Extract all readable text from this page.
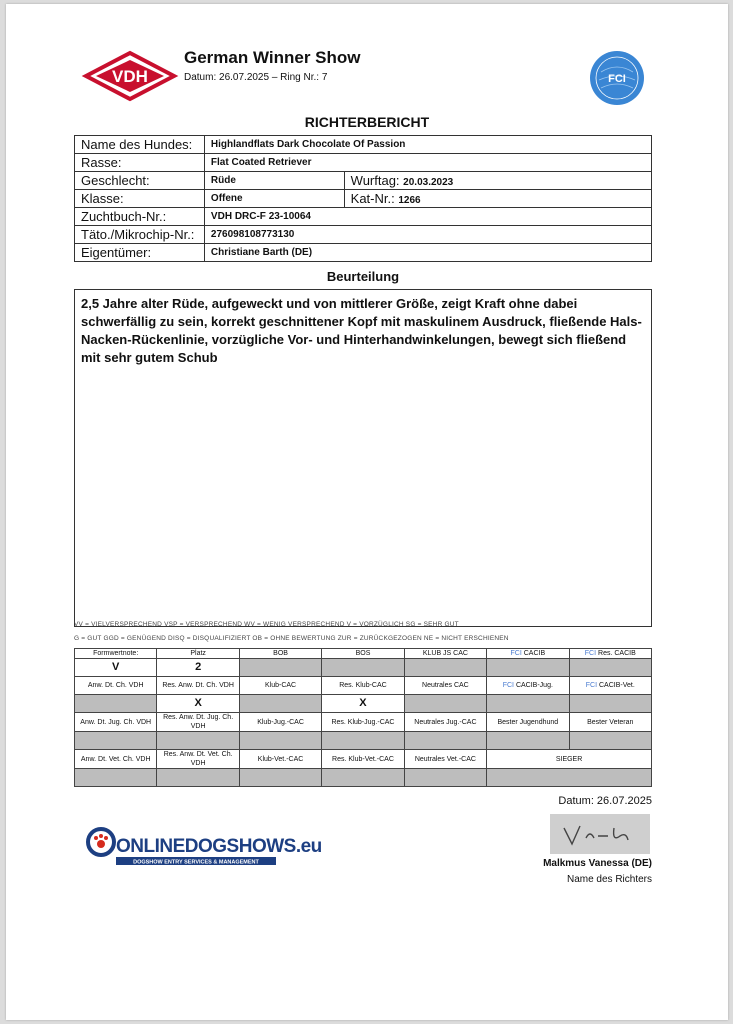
VDH
German Winner Show
Datum: 26.07.2025 – Ring Nr.: 7	FCI
RICHTERBERICHT
Name des Hundes:	Highlandflats Dark Chocolate Of Passion	
Rasse:	Flat Coated Retriever	
Geschlecht:	Rüde	Wurftag: 20.03.2023
Klasse:	Offene	Kat-Nr.: 1266
Zuchtbuch-Nr.:	VDH DRC-F 23-10064	
Täto./Mikrochip-Nr.:	276098108773130	
Eigentümer:	Christiane Barth (DE)	
Beurteilung
2,5 Jahre alter Rüde, aufgeweckt und von mittlerer Größe, zeigt Kraft ohne dabei schwerfällig zu sein, korrekt geschnittener Kopf mit maskulinem Ausdruck, fließende Hals-Nacken-Rückenlinie, vorzügliche Vor- und Hinterhandwinkelungen, bewegt sich fließend mit sehr gutem Schub
VV = VIELVERSPRECHEND VSP = VERSPRECHEND WV = WENIG VERSPRECHEND V = VORZÜGLICH SG = SEHR GUT
G = GUT GGD = GENÜGEND DISQ = DISQUALIFIZIERT OB = OHNE BEWERTUNG ZUR = ZURÜCKGEZOGEN NE = NICHT ERSCHIENEN
Formwertnote:	Platz	BOB	BOS	KLUB JS CAC	FCI CACIB	FCI Res. CACIB
V	2					
Anw. Dt. Ch. VDH	Res. Anw. Dt. Ch. VDH	Klub-CAC	Res. Klub-CAC	Neutrales CAC	FCI CACIB-Jug.	FCI CACIB-Vet.
	X		X			
Anw. Dt. Jug. Ch. VDH	Res. Anw. Dt. Jug. Ch. VDH	Klub-Jug.-CAC	Res. Klub-Jug.-CAC	Neutrales Jug.-CAC	Bester Jugendhund	Bester Veteran

Anw. Dt. Vet. Ch. VDH	Res. Anw. Dt. Vet. Ch. VDH	Klub-Vet.-CAC	Res. Klub-Vet.-CAC	Neutrales Vet.-CAC	SIEGER	

Datum: 26.07.2025
ONLINEDOGSHOWS.eu
DOGSHOW ENTRY SERVICES & MANAGEMENT	Malkmus Vanessa (DE)
Name des Richters
